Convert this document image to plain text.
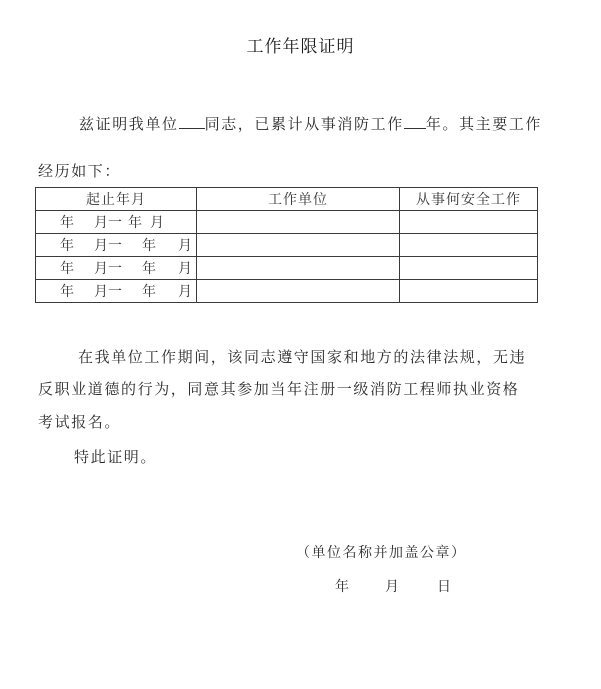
工作年限证明
兹证明我单位 同志，已累计从事消防工作 年。其主要工作
经历如下：
起止年月	工作单位	从事何安全工作
年 月一 年 月		
年 月一 年 月		
年 月一 年 月		
年 月一 年 月		
在我单位工作期间，该同志遵守国家和地方的法律法规，无违
反职业道德的行为，同意其参加当年注册一级消防工程师执业资格
考试报名。
特此证明。
（单位名称并加盖公章）
年 月	日
